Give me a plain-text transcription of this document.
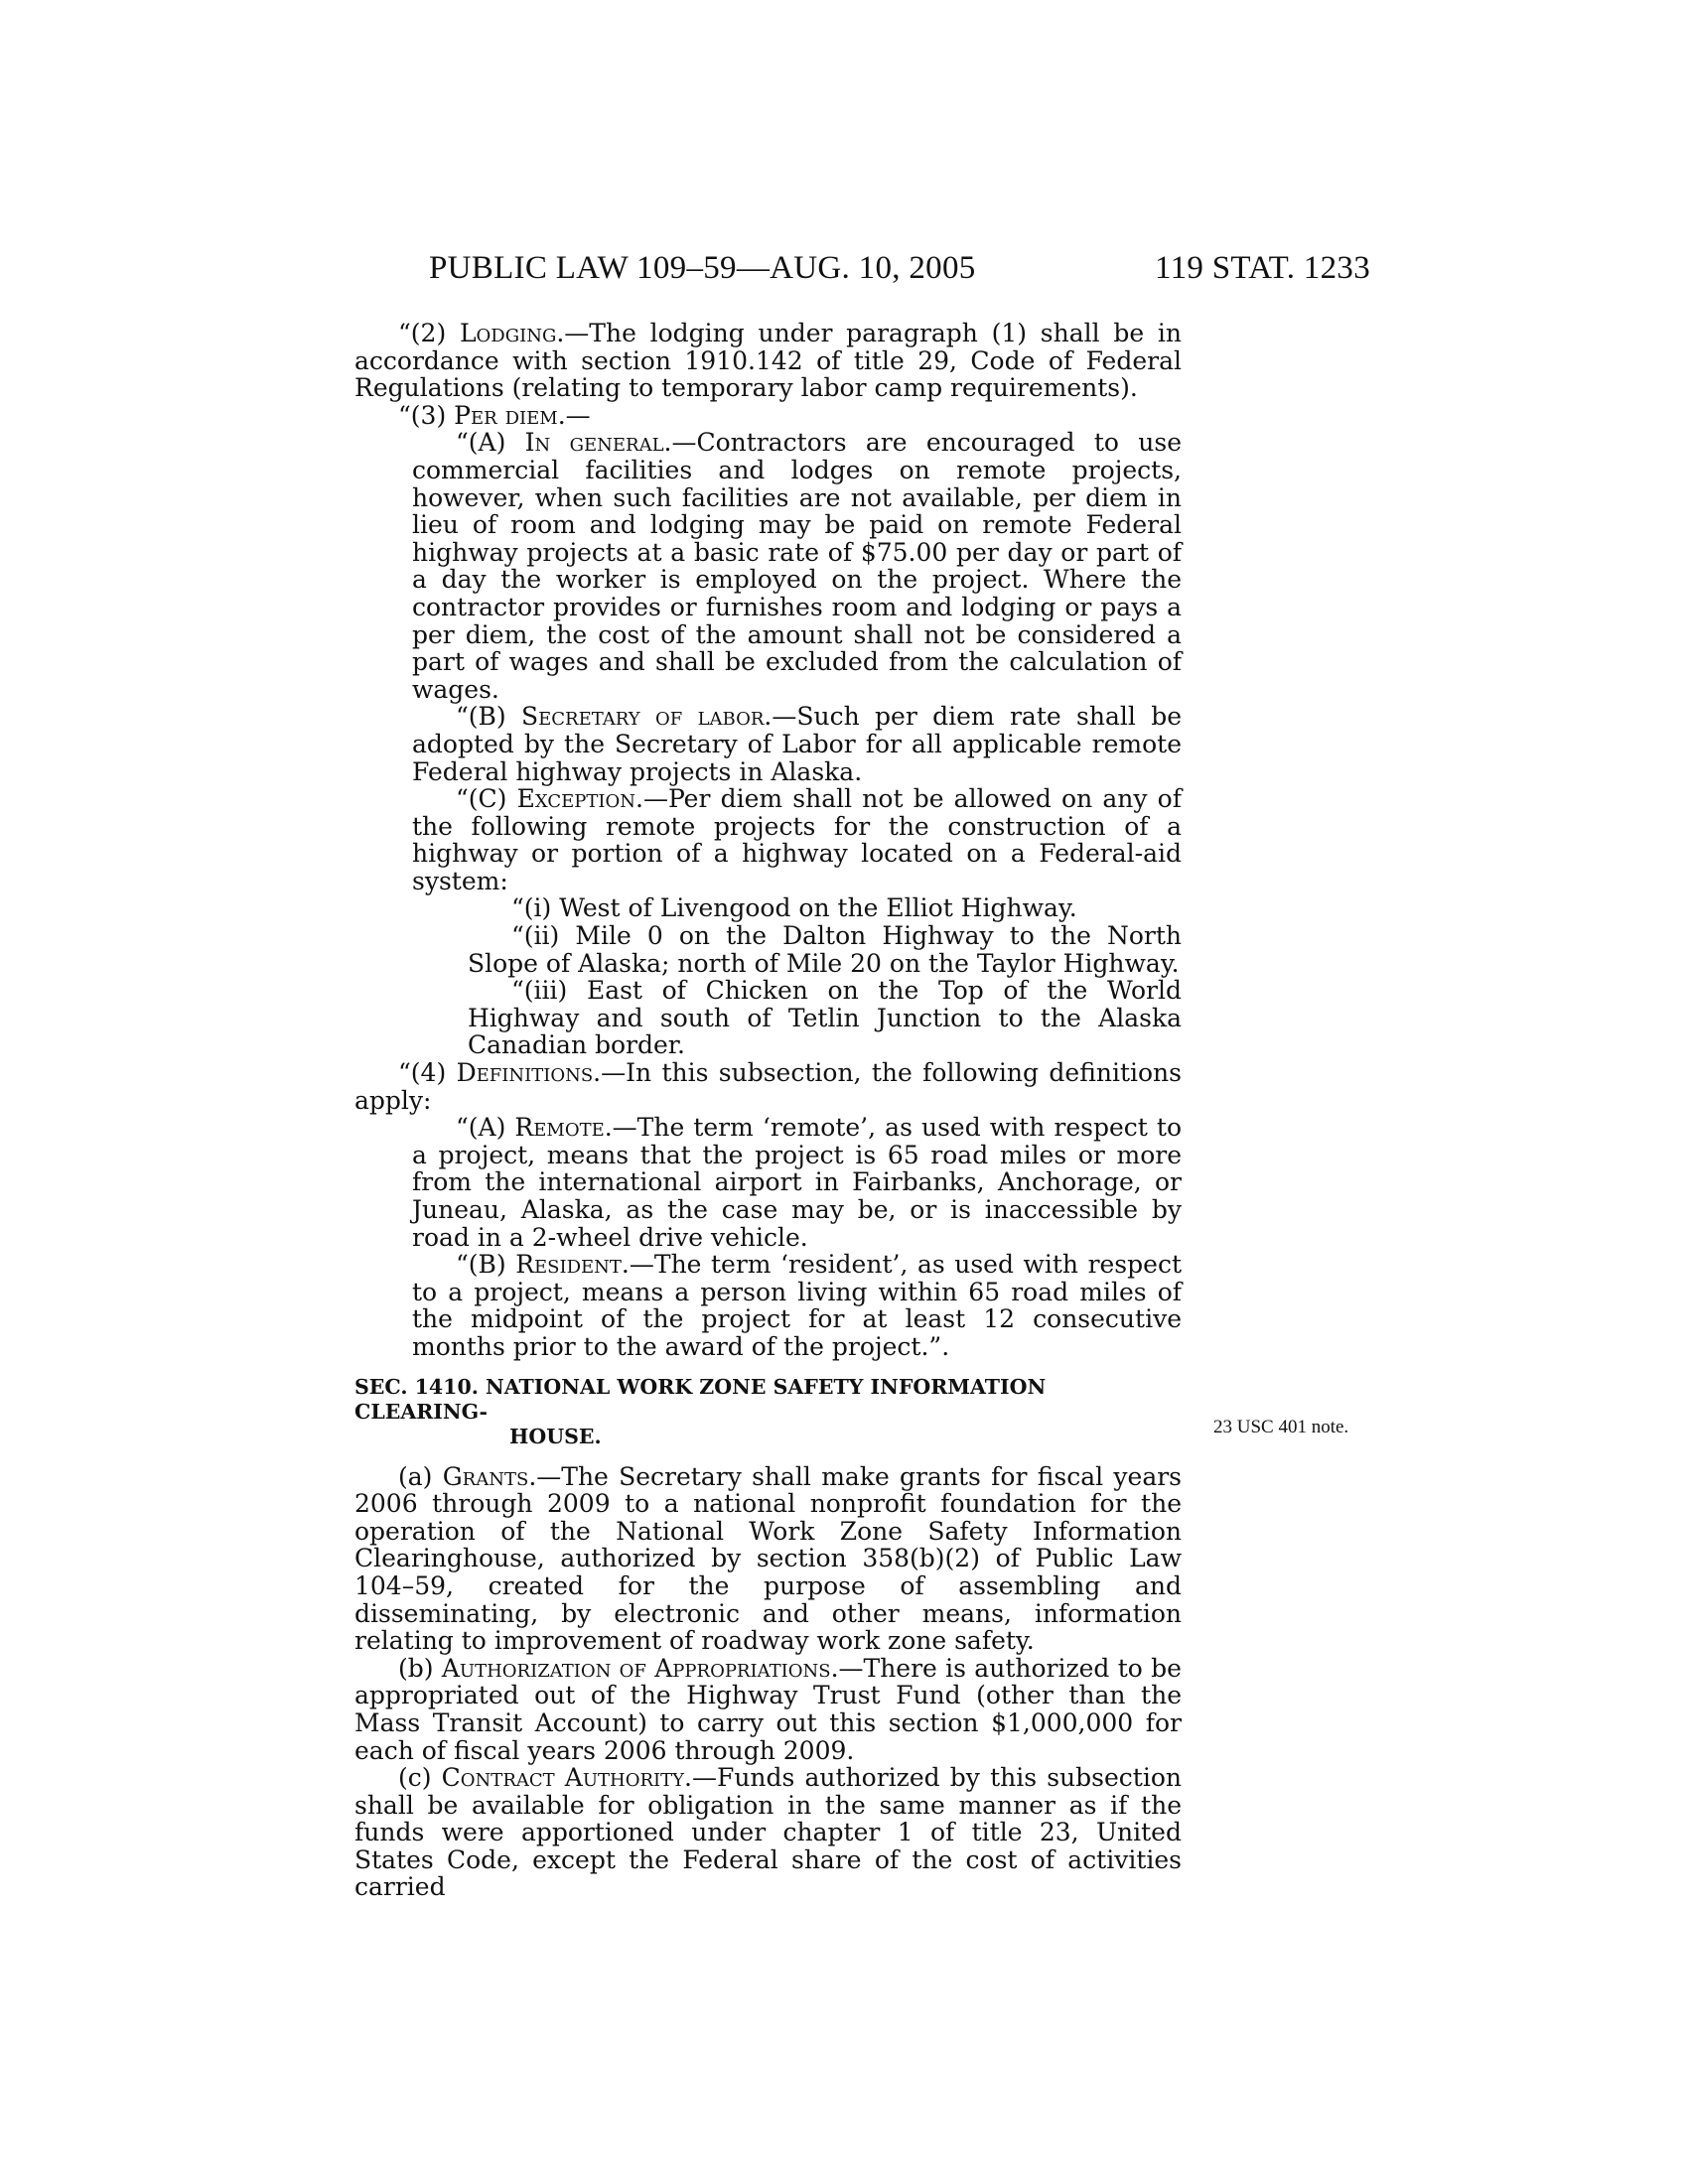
PUBLIC LAW 109–59—AUG. 10, 2005	119 STAT. 1233
23 USC 401 note.

“(2) Lodging.—The lodging under paragraph (1) shall be in accordance with section 1910.142 of title 29, Code of Federal Regulations (relating to temporary labor camp requirements).

“(3) Per diem.—

“(A) In general.—Contractors are encouraged to use commercial facilities and lodges on remote projects, however, when such facilities are not available, per diem in lieu of room and lodging may be paid on remote Federal highway projects at a basic rate of $75.00 per day or part of a day the worker is employed on the project. Where the contractor provides or furnishes room and lodging or pays a per diem, the cost of the amount shall not be considered a part of wages and shall be excluded from the calculation of wages.

“(B) Secretary of labor.—Such per diem rate shall be adopted by the Secretary of Labor for all applicable remote Federal highway projects in Alaska.

“(C) Exception.—Per diem shall not be allowed on any of the following remote projects for the construction of a highway or portion of a highway located on a Federal-aid system:

“(i) West of Livengood on the Elliot Highway.

“(ii) Mile 0 on the Dalton Highway to the North Slope of Alaska; north of Mile 20 on the Taylor Highway.

“(iii) East of Chicken on the Top of the World Highway and south of Tetlin Junction to the Alaska Canadian border.

“(4) Definitions.—In this subsection, the following definitions apply:

“(A) Remote.—The term ‘remote’, as used with respect to a project, means that the project is 65 road miles or more from the international airport in Fairbanks, Anchorage, or Juneau, Alaska, as the case may be, or is inaccessible by road in a 2-wheel drive vehicle.

“(B) Resident.—The term ‘resident’, as used with respect to a project, means a person living within 65 road miles of the midpoint of the project for at least 12 consecutive months prior to the award of the project.”.

SEC. 1410. NATIONAL WORK ZONE SAFETY INFORMATION CLEARING-
HOUSE.

(a) Grants.—The Secretary shall make grants for fiscal years 2006 through 2009 to a national nonprofit foundation for the operation of the National Work Zone Safety Information Clearinghouse, authorized by section 358(b)(2) of Public Law 104–59, created for the purpose of assembling and disseminating, by electronic and other means, information relating to improvement of roadway work zone safety.

(b) Authorization of Appropriations.—There is authorized to be appropriated out of the Highway Trust Fund (other than the Mass Transit Account) to carry out this section $1,000,000 for each of fiscal years 2006 through 2009.

(c) Contract Authority.—Funds authorized by this subsection shall be available for obligation in the same manner as if the funds were apportioned under chapter 1 of title 23, United States Code, except the Federal share of the cost of activities carried
